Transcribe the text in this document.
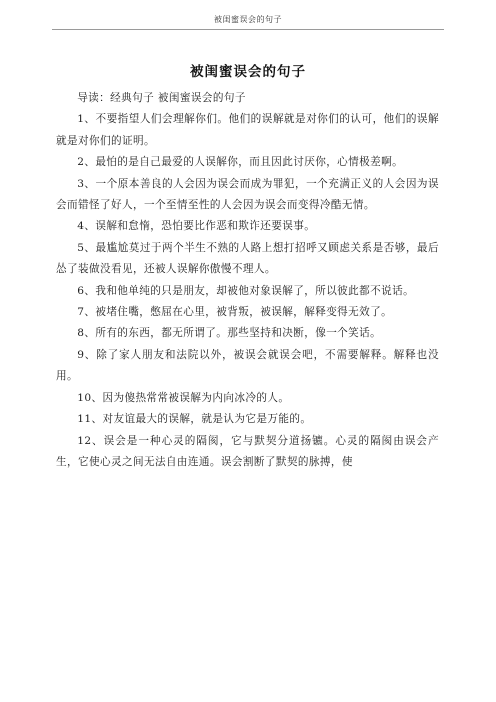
被闺蜜误会的句子
被闺蜜误会的句子

导读：经典句子 被闺蜜误会的句子

1、不要指望人们会理解你们。他们的误解就是对你们的认可，他们的误解就是对你们的证明。

2、最怕的是自己最爱的人误解你，而且因此讨厌你，心情极差啊。

3、一个原本善良的人会因为误会而成为罪犯，一个充满正义的人会因为误会而错怪了好人，一个至情至性的人会因为误会而变得冷酷无情。

4、误解和怠惰，恐怕要比作恶和欺诈还要误事。

5、最尴尬莫过于两个半生不熟的人路上想打招呼又顾虑关系是否够，最后怂了装做没看见，还被人误解你傲慢不理人。

6、我和他单纯的只是朋友，却被他对象误解了，所以彼此都不说话。

7、被堵住嘴，憋屈在心里，被背叛，被误解，解释变得无效了。

8、所有的东西，都无所谓了。那些坚持和决断，像一个笑话。

9、除了家人朋友和法院以外，被误会就误会吧，不需要解释。解释也没用。

10、因为傻热常常被误解为内向冰冷的人。

11、对友谊最大的误解，就是认为它是万能的。

12、误会是一种心灵的隔阂，它与默契分道扬镳。心灵的隔阂由误会产生，它使心灵之间无法自由连通。误会割断了默契的脉搏，使
